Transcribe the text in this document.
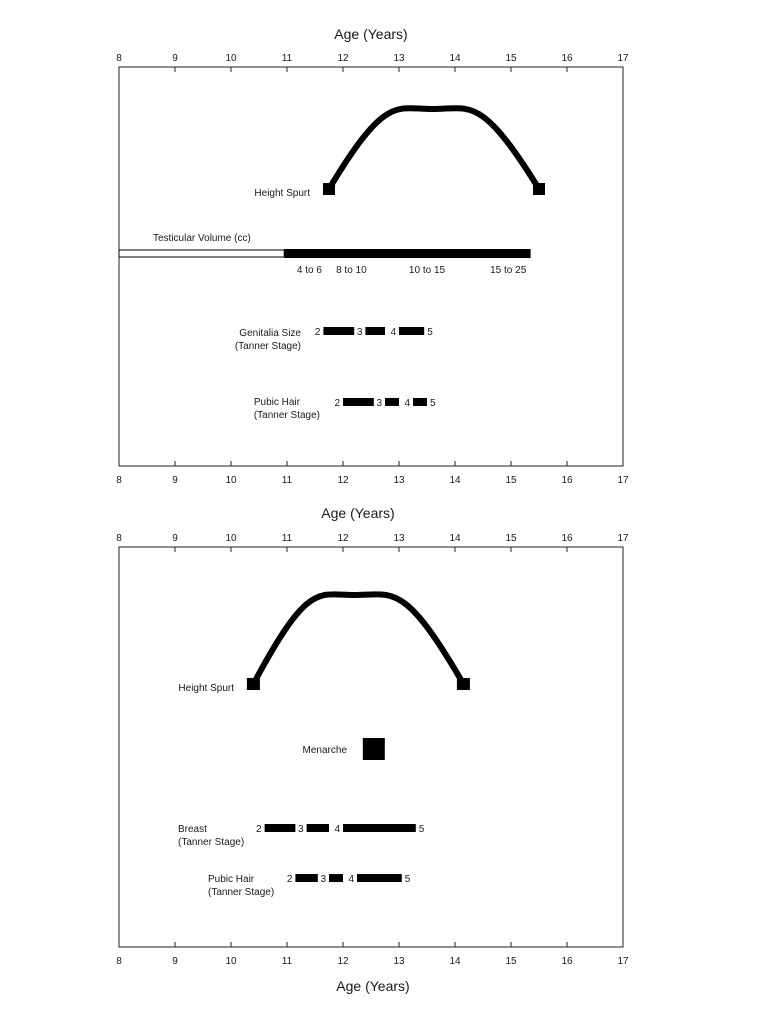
Age (Years)
8	9	10	11	12	13	14	15	16	17
8	9	10	11	12	13	14	15	16	17
Height Spurt
Testicular Volume (cc)
4 to 6 8 to 10	10 to 15	15 to 25
Genitalia Size
(Tanner Stage)
2	3	4	5
Pubic Hair
(Tanner Stage)
2	3 4 5
Age (Years)
8	9	10	11	12	13	14	15	16	17
8	9	10	11	12	13	14	15	16	17
Age (Years)
Height Spurt
Menarche
Breast
(Tanner Stage)
2	3	4	5
Pubic Hair
(Tanner Stage)
2	3 4	5
